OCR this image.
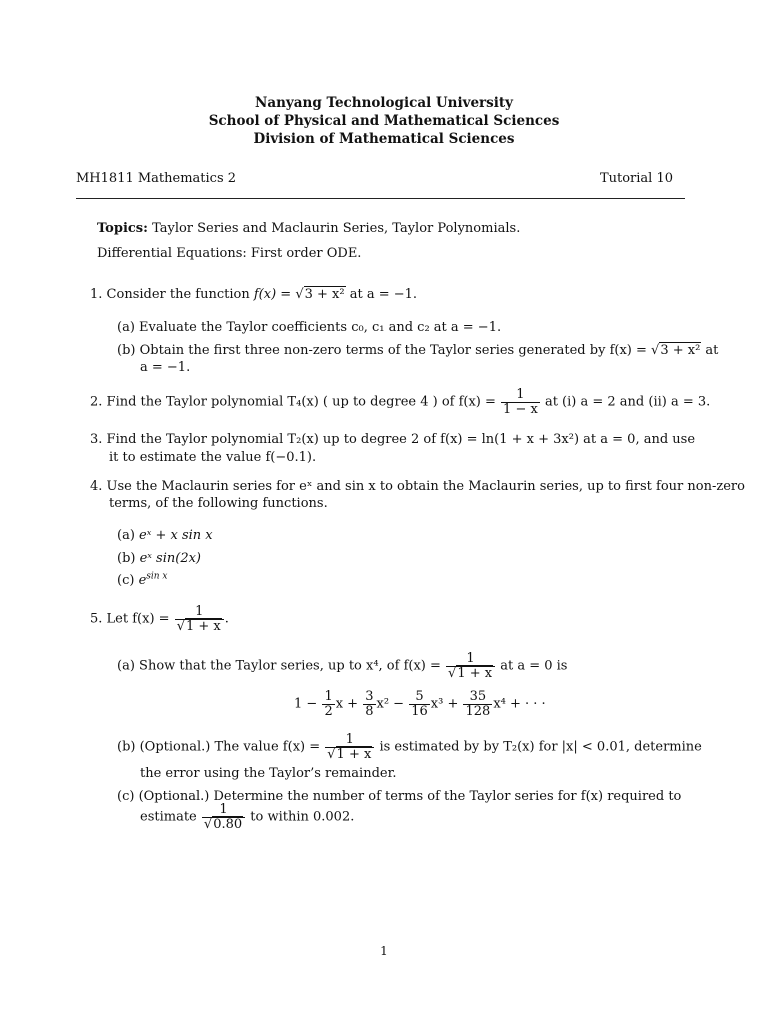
Nanyang Technological University
School of Physical and Mathematical Sciences
Division of Mathematical Sciences
MH1811 Mathematics 2	Tutorial 10
Topics: Taylor Series and Maclaurin Series, Taylor Polynomials.
Differential Equations: First order ODE.
1. Consider the function f(x) = √3 + x² at a = −1.
(a) Evaluate the Taylor coefficients c₀, c₁ and c₂ at a = −1.
(b) Obtain the first three non-zero terms of the Taylor series generated by f(x) = √3 + x² at
a = −1.
2. Find the Taylor polynomial T₄(x) ( up to degree 4 ) of $f(x) = \frac{1}{1 - x}$ at (i) a = 2 and (ii) a = 3.
3. Find the Taylor polynomial T₂(x) up to degree 2 of f(x) = ln(1 + x + 3x²) at a = 0, and use
it to estimate the value f(−0.1).
4. Use the Maclaurin series for eˣ and sin x to obtain the Maclaurin series, up to first four non-zero
terms, of the following functions.
(a) eˣ + x sin x
(b) eˣ sin(2x)
(c) $e^{sin x}$
5. Let $f(x) = \frac{1}{√1 + x}$ .
(a) Show that the Taylor series, up to x⁴, of $f(x) = \frac{1}{√1 + x}$ at a = 0 is
$1 - \frac{1}{2}$ $x + \frac{3}{8} x^2 - \frac{5}{16} x^3 + \frac{35}{128} x^4$ + · · ·
(b) (Optional.) The value $f(x) = \frac{1}{√1 + x}$ is estimated by by T₂(x) for |x| < 0.01, determine
the error using the Taylor’s remainder.
(c) (Optional.) Determine the number of terms of the Taylor series for f(x) required to
estimate $\frac{1}{√0.80}$ to within 0.002.
1
